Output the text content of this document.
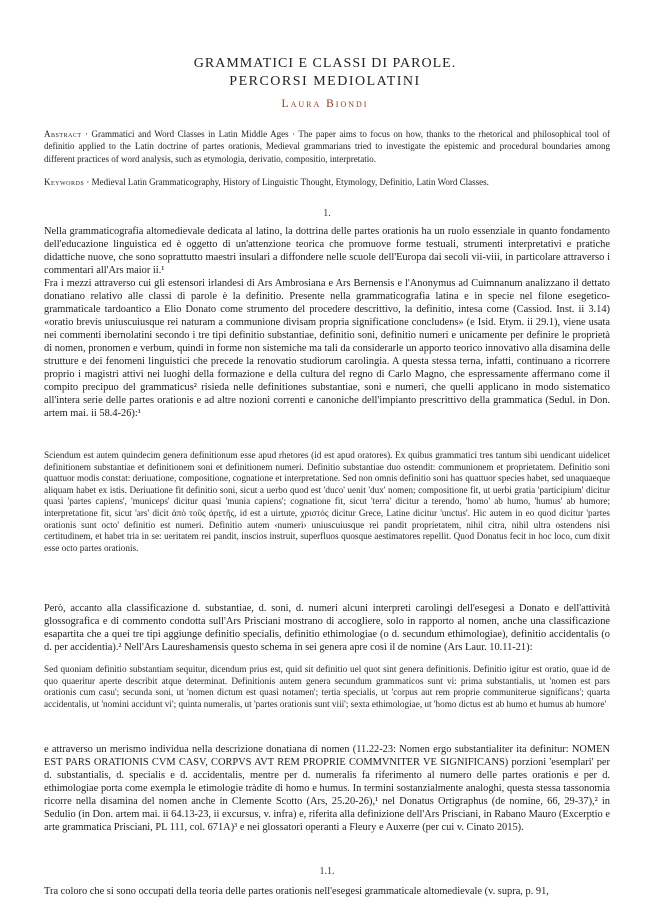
GRAMMATICI E CLASSI DI PAROLE.
PERCORSI MEDIOLATINI
Laura Biondi
Abstract · Grammatici and Word Classes in Latin Middle Ages · The paper aims to focus on how, thanks to the rhetorical and philosophical tool of definitio applied to the Latin doctrine of partes orationis, Medieval grammarians tried to investigate the epistemic and procedural boundaries among different practices of word analysis, such as etymologia, derivatio, compositio, interpretatio.
Keywords · Medieval Latin Grammaticography, History of Linguistic Thought, Etymology, Definitio, Latin Word Classes.
1.

Nella grammaticografia altomedievale dedicata al latino, la dottrina delle partes orationis ha un ruolo essenziale in quanto fondamento dell'educazione linguistica ed è oggetto di un'attenzione teorica che promuove forme testuali, strumenti interpretativi e pratiche didattiche nuove, che sono soprattutto maestri insulari a diffondere nelle scuole dell'Europa dai secoli vii-viii, in particolare attraverso i commentari all'Ars maior ii.¹

Fra i mezzi attraverso cui gli estensori irlandesi di Ars Ambrosiana e Ars Bernensis e l'Anonymus ad Cuimnanum analizzano il dettato donatiano relativo alle classi di parole è la definitio. Presente nella grammaticografia latina e in specie nel filone esegetico-grammaticale tardoantico a Elio Donato come strumento del procedere descrittivo, la definitio, intesa come (Cassiod. Inst. ii 3.14) «oratio brevis uniuscuiusque rei naturam a communione divisam propria significatione concludens» (e Isid. Etym. ii 29.1), viene usata nei commenti ibernolatini secondo i tre tipi definitio substantiae, definitio soni, definitio numeri e unicamente per definire le proprietà di nomen, pronomen e verbum, quindi in forme non sistemiche ma tali da considerarle un apporto teorico innovativo alla disamina delle strutture e dei fenomeni linguistici che precede la renovatio studiorum carolingia. A questa stessa terna, infatti, continuano a ricorrere proprio i magistri attivi nei luoghi della formazione e della cultura del regno di Carlo Magno, che espressamente affermano come il compito precipuo del grammaticus² risieda nelle definitiones substantiae, soni e numeri, che quelli applicano in modo sistematico all'intera serie delle partes orationis e ad altre nozioni correnti e canoniche dell'impianto prescrittivo della grammatica (Sedul. in Don. artem mai. ii 58.4-26):¹

Sciendum est autem quindecim genera definitionum esse apud rhetores (id est apud oratores). Ex quibus grammatici tres tantum sibi uendicant uidelicet definitionem substantiae et definitionem soni et definitionem numeri. Definitio substantiae duo ostendit: communionem et proprietatem. Definitio soni quattuor modis constat: deriuatione, compositione, cognatione et interpretatione. Sed non omnis definitio soni has quattuor species habet, sed unaquaeque aliquam habet ex istis. Deriuatione fit definitio soni, sicut a uerbo quod est 'duco' uenit 'dux' nomen; compositione fit, ut uerbi gratia 'participium' dicitur quasi 'partes capiens', 'municeps' dicitur quasi 'munia capiens'; cognatione fit, sicut 'terra' dicitur a terendo, 'homo' ab humo, 'humus' ab humore; interpretatione fit, sicut 'ars' dicit ἀπὸ τοῦς ἀρετῆς, id est a uirtute, χριστός dicitur Grece, Latine dicitur 'unctus'. Hic autem in eo quod dicitur 'partes orationis sunt octo' definitio est numeri. Definitio autem ‹numeri› uniuscuiusque rei pandit proprietatem, nihil citra, nihil ultra ostendens nisi certitudinem, et habet tria in se: ueritatem rei pandit, inscios instruit, superfluos quosque aestimatores repellit. Quod Donatus fecit in hoc loco, cum dixit esse octo partes orationis.

Però, accanto alla classificazione d. substantiae, d. soni, d. numeri alcuni interpreti carolingi dell'esegesi a Donato e dell'attività glossografica e di commento condotta sull'Ars Prisciani mostrano di accogliere, solo in rapporto al nomen, anche una classificazione esapartita che a quei tre tipi aggiunge definitio specialis, definitio ethimologiae (o d. secundum ethimologiae), definitio accidentalis (o d. per accidentia).² Nell'Ars Laureshamensis questo schema in sei genera apre così il de nomine (Ars Laur. 10.11-21):

Sed quoniam definitio substantiam sequitur, dicendum prius est, quid sit definitio uel quot sint genera definitionis. Definitio igitur est oratio, quae id de quo quaeritur aperte describit atque determinat. Definitionis autem genera secundum grammaticos sunt vi: prima substantialis, ut 'nomen est pars orationis cum casu'; secunda soni, ut 'nomen dictum est quasi notamen'; tertia specialis, ut 'corpus aut rem proprie communiterue significans'; quarta accidentalis, ut 'nomini accidunt vi'; quinta numeralis, ut 'partes orationis sunt viii'; sexta ethimologiae, ut 'homo dictus est ab humo et humus ab humore'

e attraverso un merismo individua nella descrizione donatiana di nomen (11.22-23: Nomen ergo substantialiter ita definitur: NOMEN EST PARS ORATIONIS CVM CASV, CORPVS AVT REM PROPRIE COMMVNITER VE SIGNIFICANS) porzioni 'esemplari' per d. substantialis, d. specialis e d. accidentalis, mentre per d. numeralis fa riferimento al numero delle partes orationis e per d. ethimologiae porta come exempla le etimologie tràdite di homo e humus. In termini sostanzialmente analoghi, questa stessa tassonomia ricorre nella disamina del nomen anche in Clemente Scotto (Ars, 25.20-26),¹ nel Donatus Ortigraphus (de nomine, 66, 29-37),² in Sedulio (in Don. artem mai. ii 64.13-23, ii excursus, v. infra) e, riferita alla definizione dell'Ars Prisciani, in Rabano Mauro (Excerptio e arte grammatica Prisciani, PL 111, col. 671A)³ e nei glossatori operanti a Fleury e Auxerre (per cui v. Cinato 2015).

1.1.

Tra coloro che si sono occupati della teoria delle partes orationis nell'esegesi grammaticale altomedievale (v. supra, p. 91,
